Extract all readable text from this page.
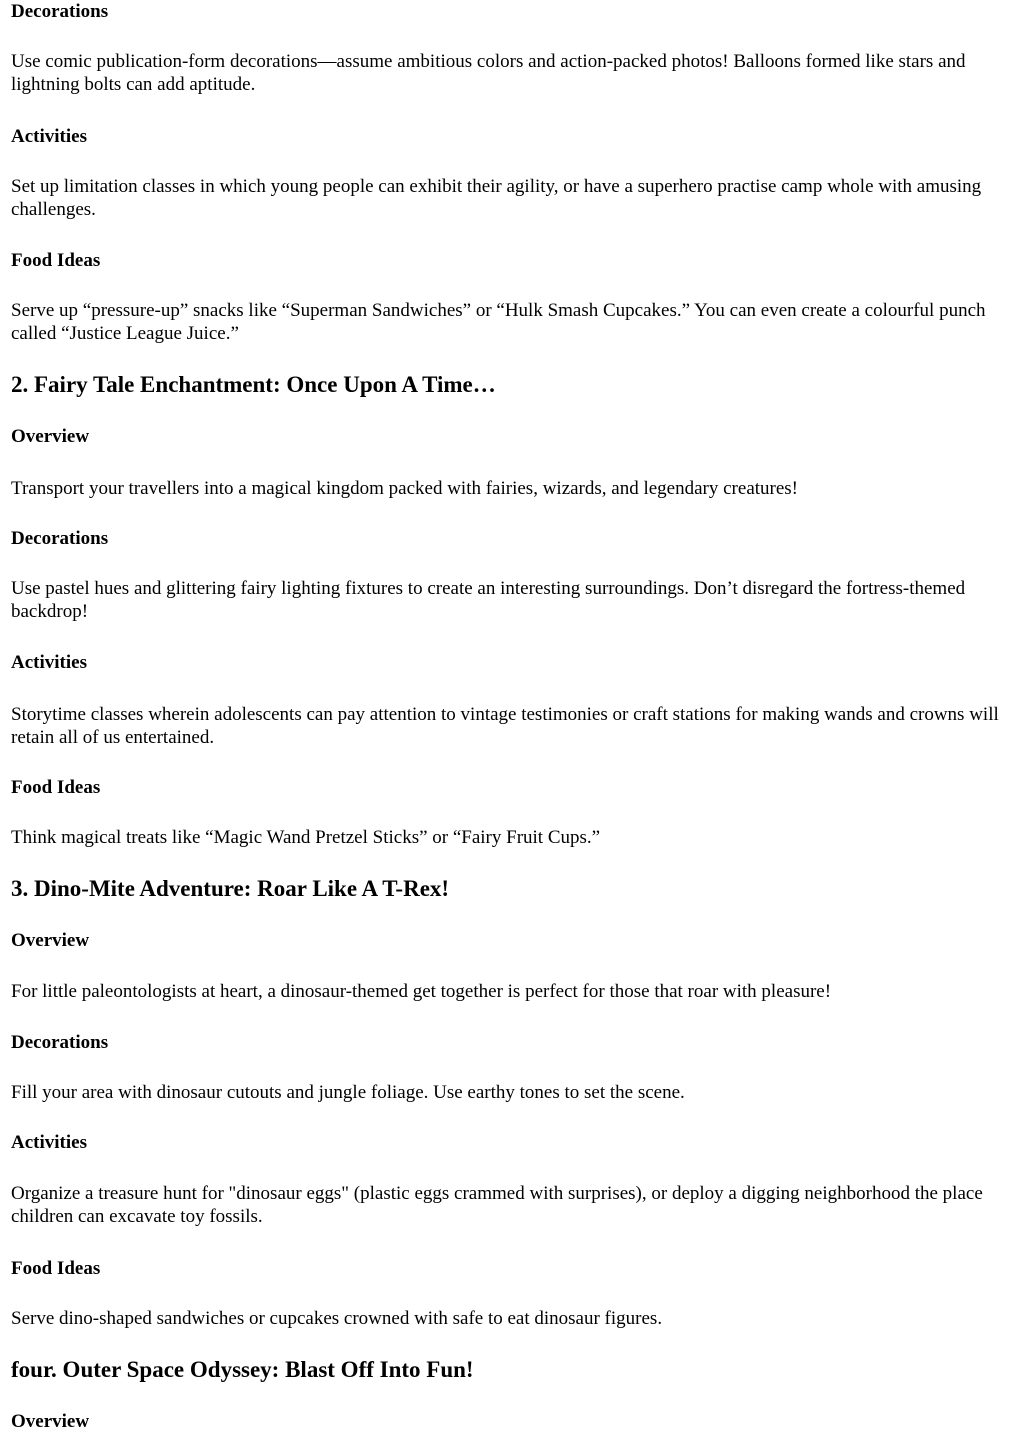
Decorations

Use comic publication-form decorations—assume ambitious colors and action-packed photos! Balloons formed like stars and lightning bolts can add aptitude.

Activities

Set up limitation classes in which young people can exhibit their agility, or have a superhero practise camp whole with amusing challenges.

Food Ideas

Serve up “pressure-up” snacks like “Superman Sandwiches” or “Hulk Smash Cupcakes.” You can even create a colourful punch called “Justice League Juice.”

2. Fairy Tale Enchantment: Once Upon A Time…
Overview

Transport your travellers into a magical kingdom packed with fairies, wizards, and legendary creatures!

Decorations

Use pastel hues and glittering fairy lighting fixtures to create an interesting surroundings. Don’t disregard the fortress-themed backdrop!

Activities

Storytime classes wherein adolescents can pay attention to vintage testimonies or craft stations for making wands and crowns will retain all of us entertained.

Food Ideas

Think magical treats like “Magic Wand Pretzel Sticks” or “Fairy Fruit Cups.”

3. Dino-Mite Adventure: Roar Like A T-Rex!
Overview

For little paleontologists at heart, a dinosaur-themed get together is perfect for those that roar with pleasure!

Decorations

Fill your area with dinosaur cutouts and jungle foliage. Use earthy tones to set the scene.

Activities

Organize a treasure hunt for "dinosaur eggs" (plastic eggs crammed with surprises), or deploy a digging neighborhood the place children can excavate toy fossils.

Food Ideas

Serve dino-shaped sandwiches or cupcakes crowned with safe to eat dinosaur figures.

four. Outer Space Odyssey: Blast Off Into Fun!
Overview
